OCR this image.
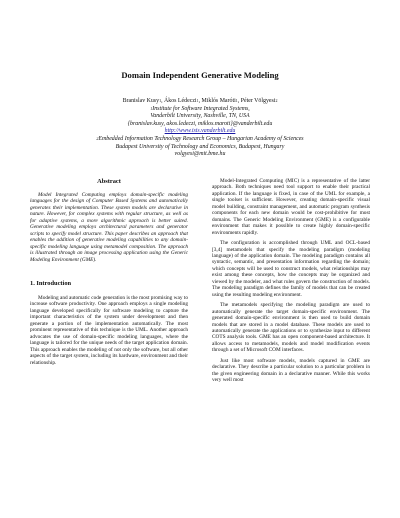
Domain Independent Generative Modeling
Branislav Kusy$^1$, Ákos Lédeczi$^1$, Miklós Maróti$^1$, Péter Völgyesi$^2$
$^1$Institute for Software Integrated Systems,
Vanderbilt University, Nashville, TN, USA
{branislav.kusy, akos.ledeczi, miklos.maroti}@vanderbilt.edu
http://www.isis.vanderbilt.edu
$^2$Embedded Information Technology Research Group – Hungarian Academy of Sciences
Budapest University of Technology and Economics, Budapest, Hungary
volgyesi@mit.bme.hu
Abstract

Model Integrated Computing employs domain-specific modeling languages for the design of Computer Based Systems and automatically generates their implementation. These system models are declarative in nature. However, for complex systems with regular structure, as well as for adaptive systems, a more algorithmic approach is better suited. Generative modeling employs architectural parameters and generator scripts to specify model structure. This paper describes an approach that enables the addition of generative modeling capabilities to any domain-specific modeling language using metamodel composition. The approach is illustrated through an image processing application using the Generic Modeling Environment (GME).

1. Introduction

Modeling and automatic code generation is the most promising way to increase software productivity. One approach employs a single modeling language developed specifically for software modeling to capture the important characteristics of the system under development and then generate a portion of the implementation automatically. The most prominent representative of this technique is the UML. Another approach advocates the use of domain-specific modeling languages, where the language is tailored for the unique needs of the target application domain. This approach enables the modeling of not only the software, but all other aspects of the target system, including its hardware, environment and their relationship.

Model-Integrated Computing (MIC) is a representative of the latter approach. Both techniques need tool support to enable their practical application. If the language is fixed, in case of the UML for example, a single toolset is sufficient. However, creating domain-specific visual model building, constraint management, and automatic program synthesis components for each new domain would be cost-prohibitive for most domains. The Generic Modeling Environment (GME) is a configurable environment that makes it possible to create highly domain-specific environments rapidly.

The configuration is accomplished through UML and OCL-based [3,4] metamodels that specify the modeling paradigm (modeling language) of the application domain. The modeling paradigm contains all syntactic, semantic, and presentation information regarding the domain; which concepts will be used to construct models, what relationships may exist among these concepts, how the concepts may be organized and viewed by the modeler, and what rules govern the construction of models. The modeling paradigm defines the family of models that can be created using the resulting modeling environment.

The metamodels specifying the modeling paradigm are used to automatically generate the target domain-specific environment. The generated domain-specific environment is then used to build domain models that are stored in a model database. These models are used to automatically generate the applications or to synthesize input to different COTS analysis tools. GME has an open component-based architecture. It allows access to metamodels, models and model modification events through a set of Microsoft COM interfaces.

Just like most software models, models captured in GME are declarative. They describe a particular solution to a particular problem in the given engineering domain in a declarative manner. While this works very well most
